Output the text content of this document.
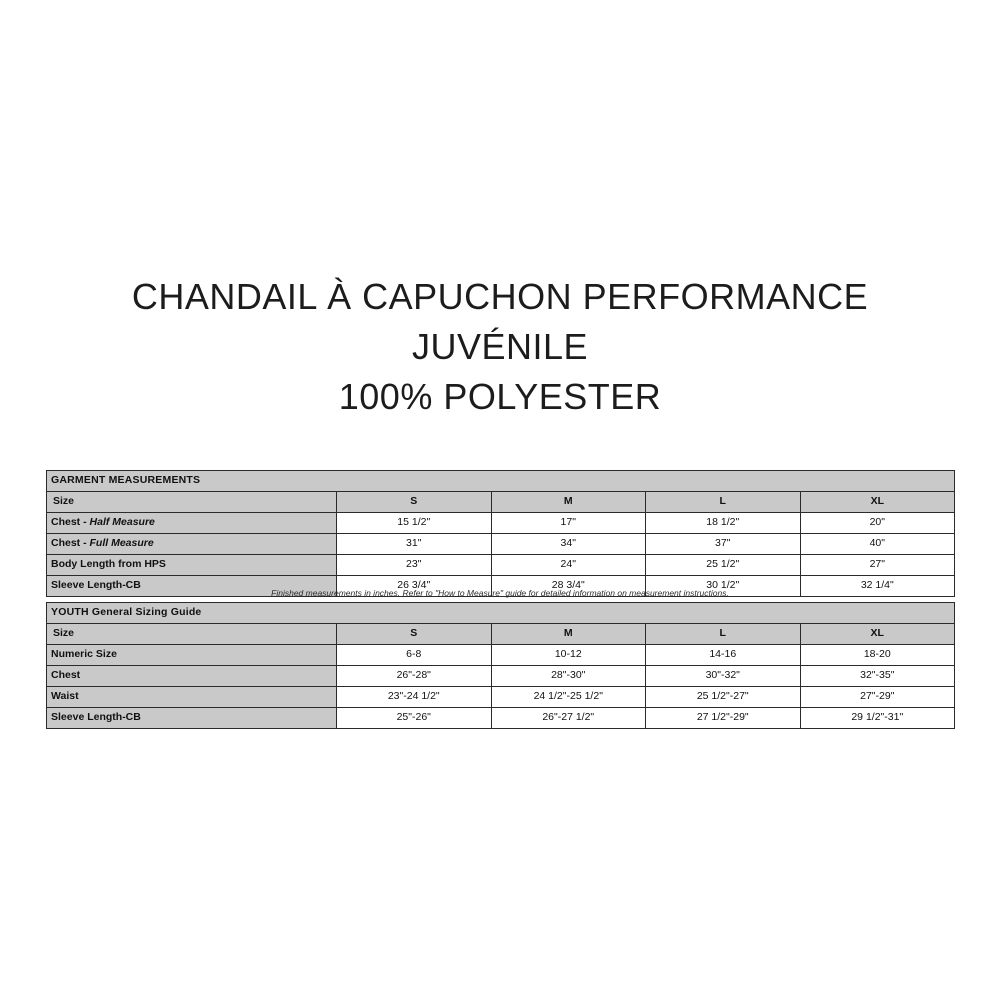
CHANDAIL À CAPUCHON PERFORMANCE
JUVÉNILE
100% POLYESTER
GARMENT MEASUREMENTS				
Size	S	M	L	XL
Chest - Half Measure	15 1/2"	17"	18 1/2"	20"
Chest - Full Measure	31"	34"	37"	40"
Body Length from HPS	23"	24"	25 1/2"	27"
Sleeve Length-CB	26 3/4"	28 3/4"	30 1/2"	32 1/4"
Finished measurements in inches. Refer to "How to Measure" guide for detailed information on measurement instructions.
YOUTH General Sizing Guide				
Size	S	M	L	XL
Numeric Size	6-8	10-12	14-16	18-20
Chest	26"-28"	28"-30"	30"-32"	32"-35"
Waist	23"-24 1/2"	24 1/2"-25 1/2"	25 1/2"-27"	27"-29"
Sleeve Length-CB	25"-26"	26"-27 1/2"	27 1/2"-29"	29 1/2"-31"
